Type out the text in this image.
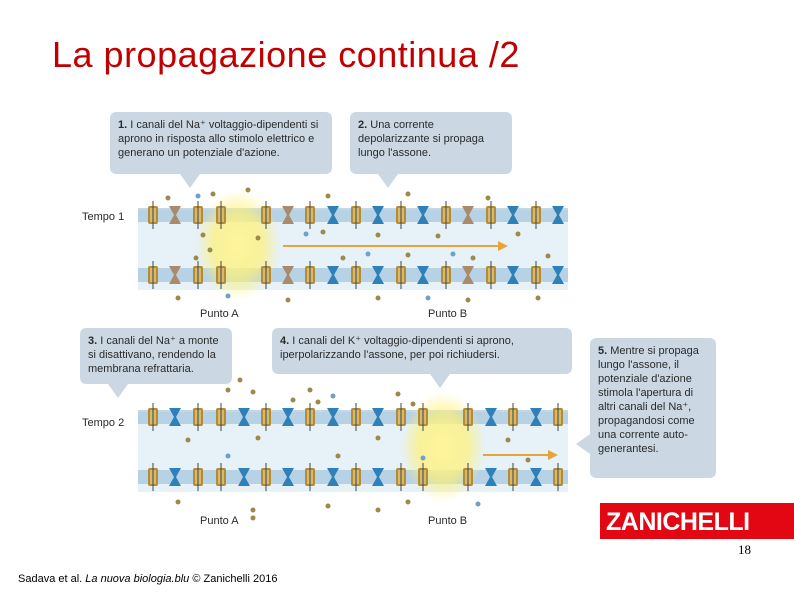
La propagazione continua /2
1. I canali del Na⁺ voltaggio-dipendenti si aprono in risposta allo stimolo elettrico e generano un potenziale d'azione.
2. Una corrente depolarizzante si propaga lungo l'assone.
3. I canali del Na⁺ a monte si disattivano, rendendo la membrana refrattaria.
4. I canali del K⁺ voltaggio-dipendenti si aprono, iperpolarizzando l'assone, per poi richiudersi.	5. Mentre si propaga lungo l'assone, il potenziale d'azione stimola l'apertura di altri canali del Na⁺, propagandosi come una corrente auto-generantesi.
Tempo 1
Tempo 2
Punto A	Punto B
Punto A	Punto B	ZANICHELLI
18
Sadava et al. La nuova biologia.blu © Zanichelli 2016
